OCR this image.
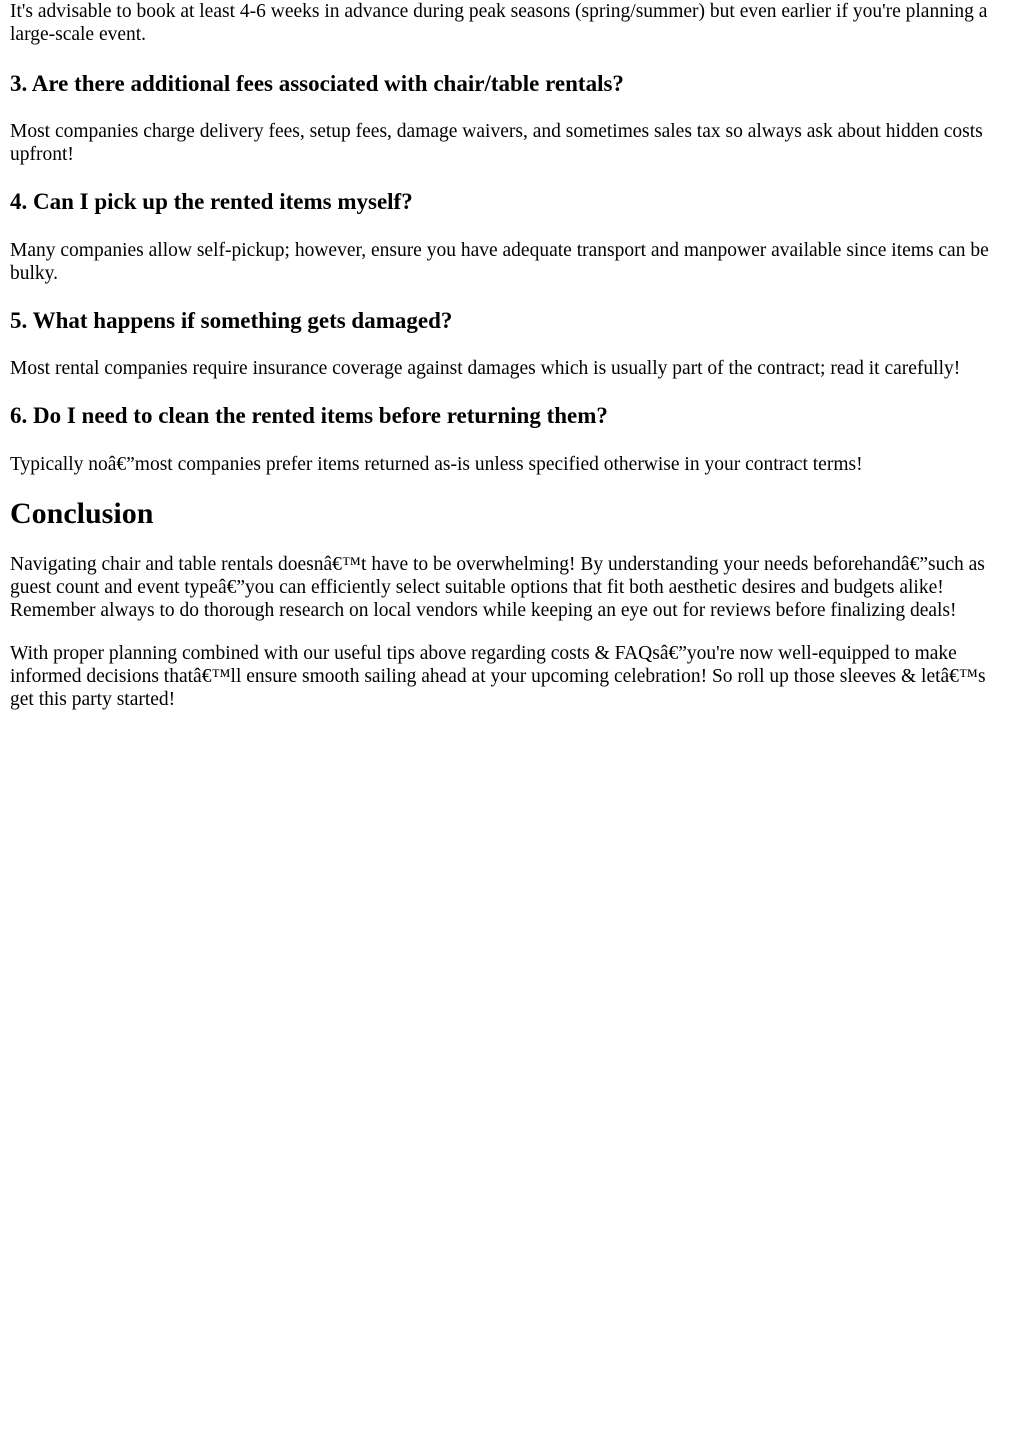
It's advisable to book at least 4-6 weeks in advance during peak seasons (spring/summer) but even earlier if you're planning a large-scale event.

3. Are there additional fees associated with chair/table rentals?

Most companies charge delivery fees, setup fees, damage waivers, and sometimes sales tax so always ask about hidden costs upfront!

4. Can I pick up the rented items myself?

Many companies allow self-pickup; however, ensure you have adequate transport and manpower available since items can be bulky.

5. What happens if something gets damaged?

Most rental companies require insurance coverage against damages which is usually part of the contract; read it carefully!

6. Do I need to clean the rented items before returning them?

Typically noâ€”most companies prefer items returned as-is unless specified otherwise in your contract terms!

Conclusion

Navigating chair and table rentals doesnâ€™t have to be overwhelming! By understanding your needs beforehandâ€”such as guest count and event typeâ€”you can efficiently select suitable options that fit both aesthetic desires and budgets alike! Remember always to do thorough research on local vendors while keeping an eye out for reviews before finalizing deals!

With proper planning combined with our useful tips above regarding costs & FAQsâ€”you're now well-equipped to make informed decisions thatâ€™ll ensure smooth sailing ahead at your upcoming celebration! So roll up those sleeves & letâ€™s get this party started!
